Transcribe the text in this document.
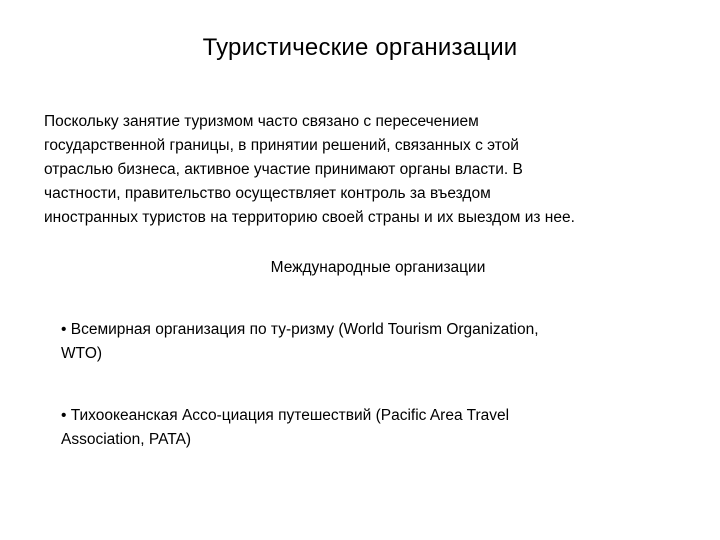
Туристические организации
Поскольку занятие туризмом часто связано с пересечением
государственной границы, в принятии решений, связанных с этой
отраслью бизнеса, активное участие принимают органы власти. В
частности, правительство осуществляет контроль за въездом
иностранных туристов на территорию своей страны и их выездом из нее.
Международные организации
• Всемирная организация по ту-ризму (World Tourism Organization,
WTO)
• Тихоокеанская Ассо-циация путешествий (Pacific Area Travel
Association, PATA)
